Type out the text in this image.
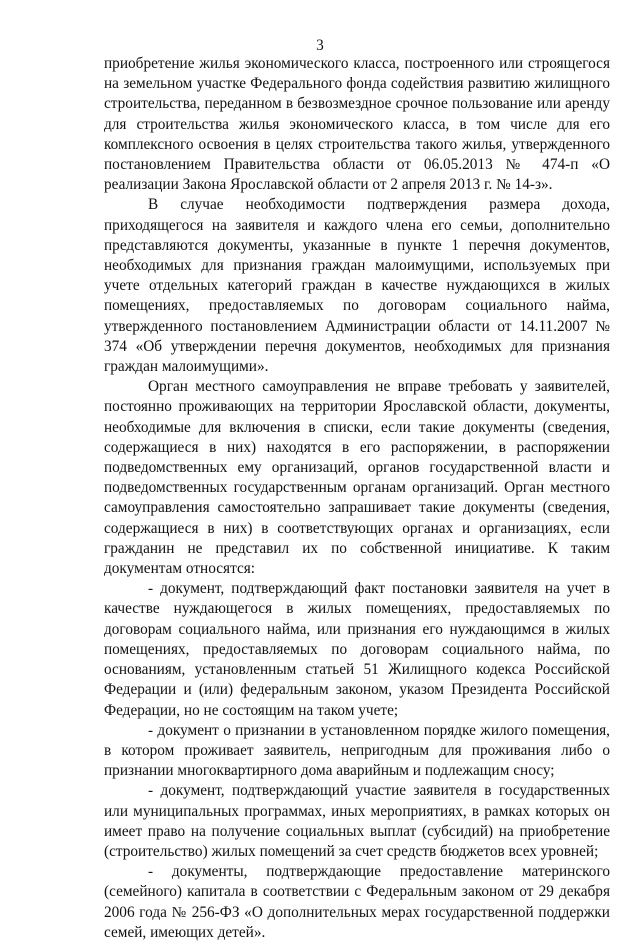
3

приобретение жилья экономического класса, построенного или строящегося на земельном участке Федерального фонда содействия развитию жилищного строительства, переданном в безвозмездное срочное пользование или аренду для строительства жилья экономического класса, в том числе для его комплексного освоения в целях строительства такого жилья, утвержденного постановлением Правительства области от 06.05.2013 № 474-п «О реализации Закона Ярославской области от 2 апреля 2013 г. № 14-з».

В случае необходимости подтверждения размера дохода, приходящегося на заявителя и каждого члена его семьи, дополнительно представляются документы, указанные в пункте 1 перечня документов, необходимых для признания граждан малоимущими, используемых при учете отдельных категорий граждан в качестве нуждающихся в жилых помещениях, предоставляемых по договорам социального найма, утвержденного постановлением Администрации области от 14.11.2007 № 374 «Об утверждении перечня документов, необходимых для признания граждан малоимущими».

Орган местного самоуправления не вправе требовать у заявителей, постоянно проживающих на территории Ярославской области, документы, необходимые для включения в списки, если такие документы (сведения, содержащиеся в них) находятся в его распоряжении, в распоряжении подведомственных ему организаций, органов государственной власти и подведомственных государственным органам организаций. Орган местного самоуправления самостоятельно запрашивает такие документы (сведения, содержащиеся в них) в соответствующих органах и организациях, если гражданин не представил их по собственной инициативе. К таким документам относятся:

- документ, подтверждающий факт постановки заявителя на учет в качестве нуждающегося в жилых помещениях, предоставляемых по договорам социального найма, или признания его нуждающимся в жилых помещениях, предоставляемых по договорам социального найма, по основаниям, установленным статьей 51 Жилищного кодекса Российской Федерации и (или) федеральным законом, указом Президента Российской Федерации, но не состоящим на таком учете;

- документ о признании в установленном порядке жилого помещения, в котором проживает заявитель, непригодным для проживания либо о признании многоквартирного дома аварийным и подлежащим сносу;

- документ, подтверждающий участие заявителя в государственных или муниципальных программах, иных мероприятиях, в рамках которых он имеет право на получение социальных выплат (субсидий) на приобретение (строительство) жилых помещений за счет средств бюджетов всех уровней;

- документы, подтверждающие предоставление материнского (семейного) капитала в соответствии с Федеральным законом от 29 декабря 2006 года № 256-ФЗ «О дополнительных мерах государственной поддержки семей, имеющих детей».
